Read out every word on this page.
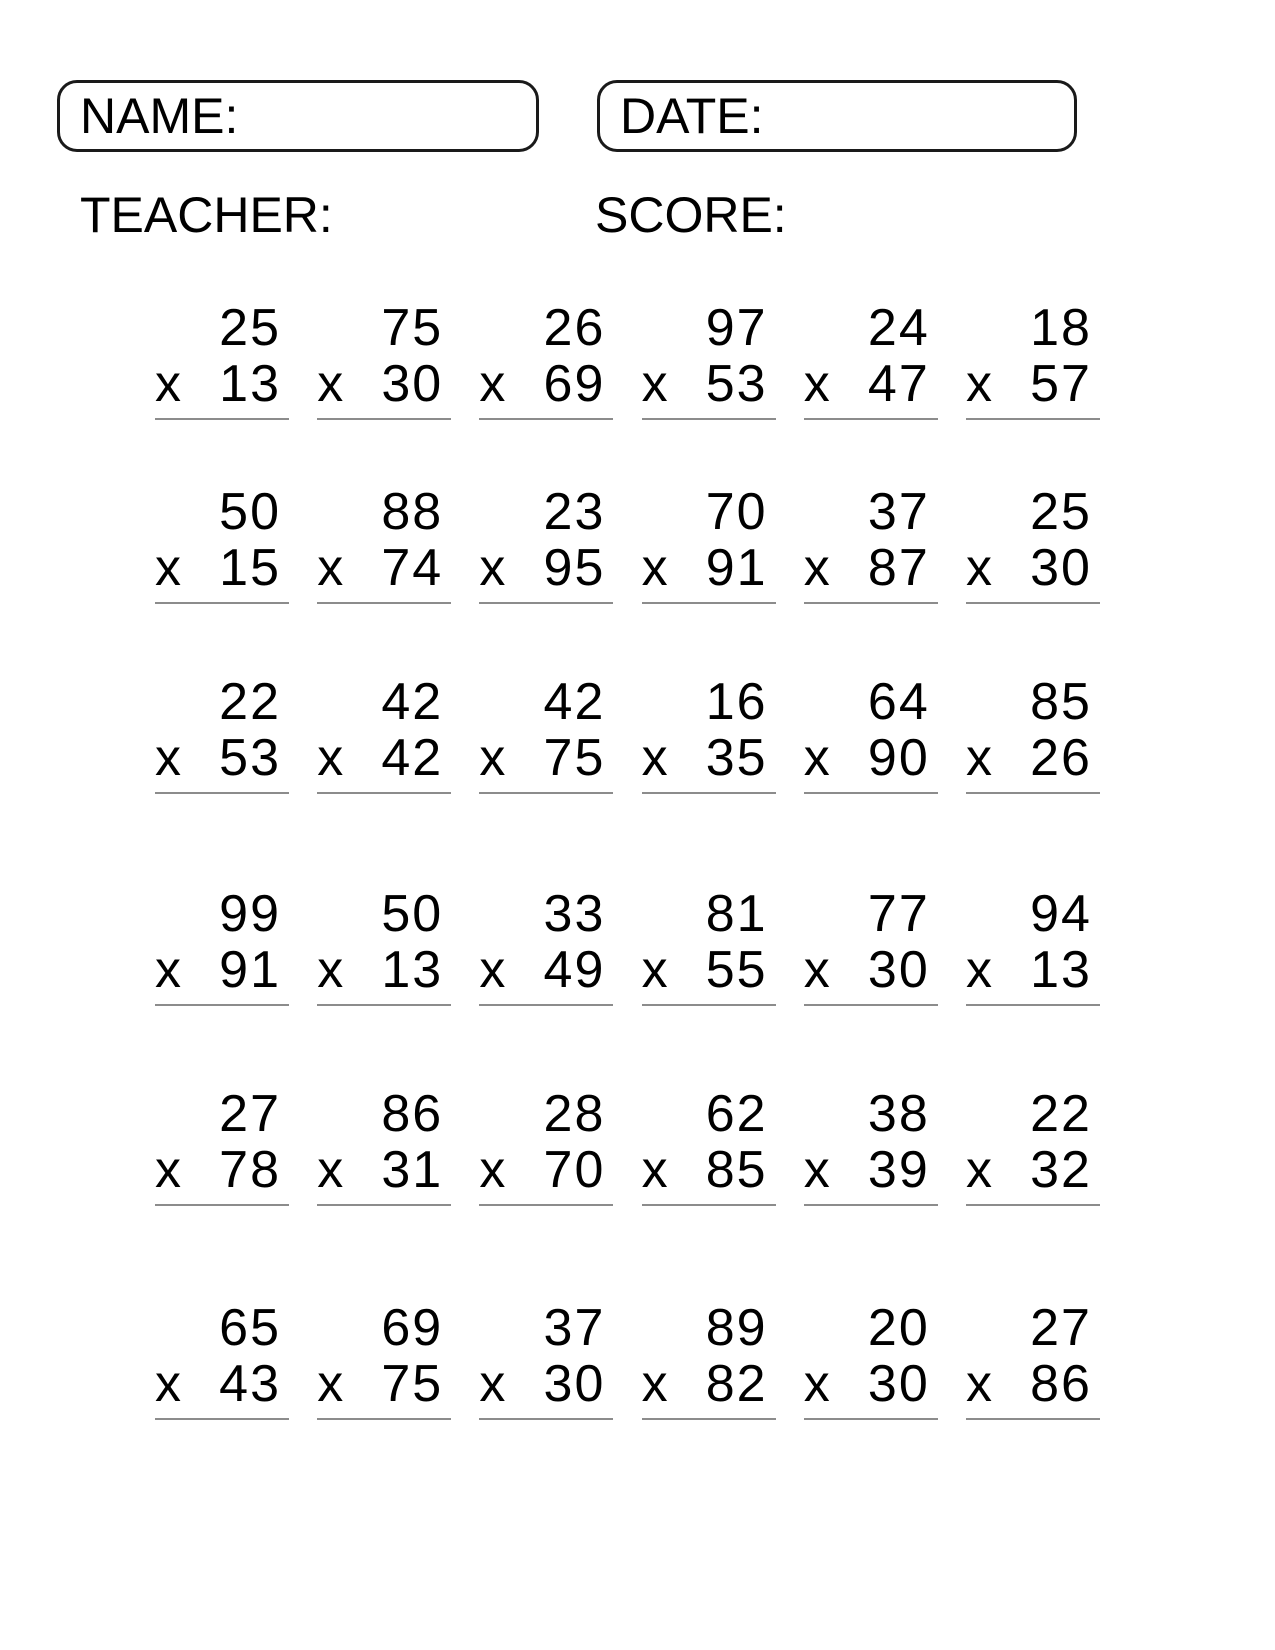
NAME:	DATE:
TEACHER:	SCORE:
25
x 13
75
x 30
26
x 69
97
x 53
24
x 47
18
x 57
50
x 15
88
x 74
23
x 95
70
x 91
37
x 87
25
x 30
22
x 53
42
x 42
42
x 75
16
x 35
64
x 90
85
x 26
99
x 91
50
x 13
33
x 49
81
x 55
77
x 30
94
x 13
27
x 78
86
x 31
28
x 70
62
x 85
38
x 39
22
x 32
65
x 43
69
x 75
37
x 30
89
x 82
20
x 30
27
x 86
